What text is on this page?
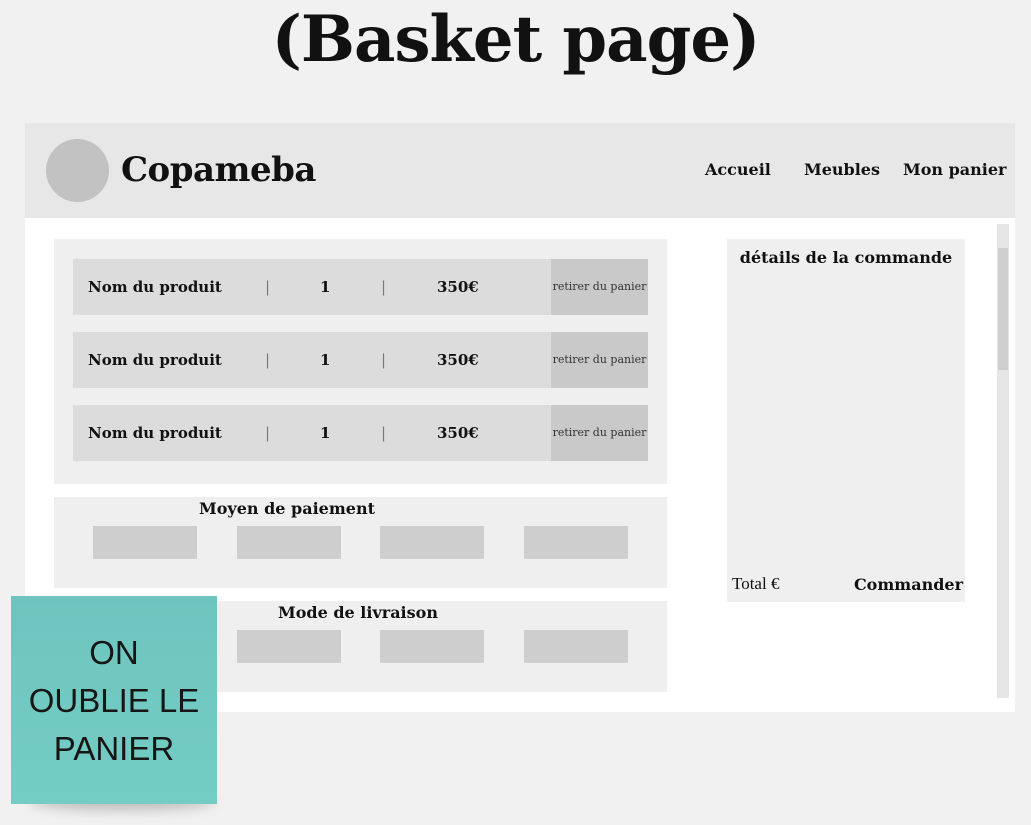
(Basket page)
Copameba	Accueil Meubles Mon panier
Nom du produit	|	1	|	350€	retirer du panier
Nom du produit	|	1	|	350€	retirer du panier
Nom du produit	|	1	|	350€	retirer du panier
Moyen de paiement
Mode de livraison
détails de la commande
Total €	Commander
ON
OUBLIE LE
PANIER
